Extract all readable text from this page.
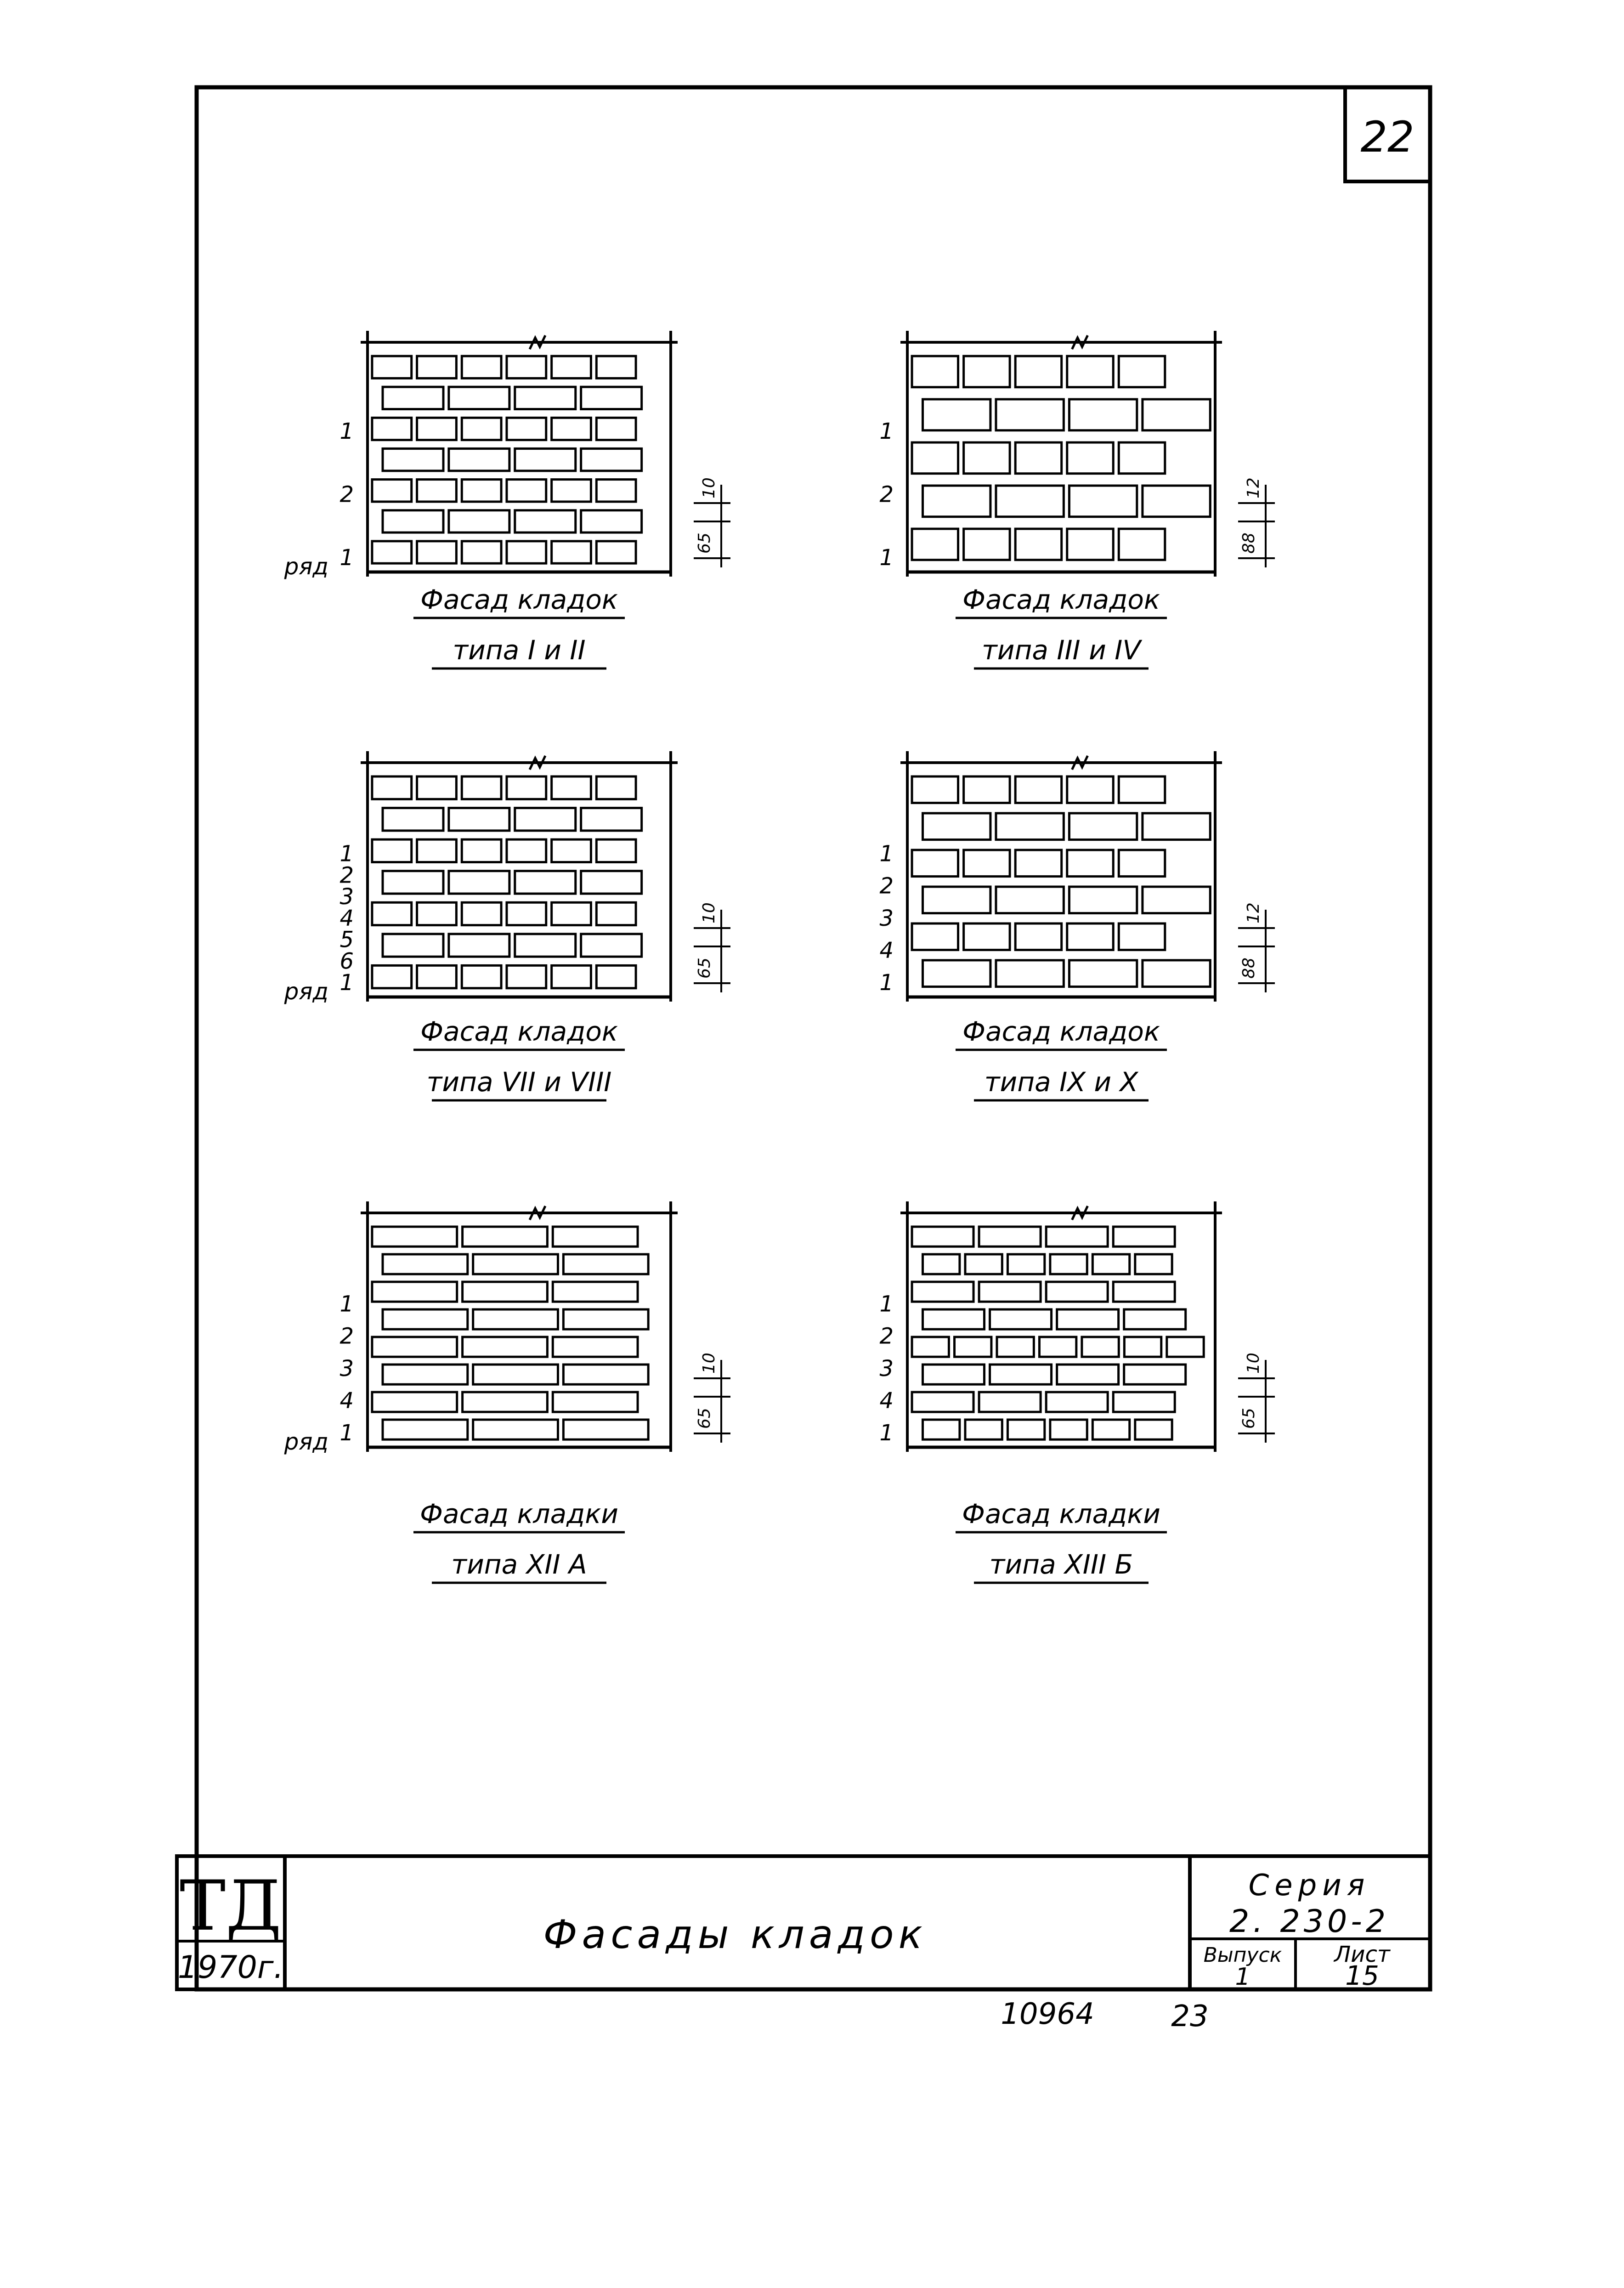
22
1
2
1
ряд
10
65
Фасад кладок
типа I и II
1
2
1
12
88
Фасад кладок
типа III и IV
1
6
5
4
3
2
1
ряд
10
65
Фасад кладок
типа VII и VIII
1
4
3
2
1
12
88
Фасад кладок
типа IX и X
1
4
3
2
1
ряд
10
65
Фасад кладки
типа XII А
1
4
3
2
1
10
65
Фасад кладки
типа XIII Б
ТД
1970г.
Фасады кладок
Серия
2. 230-2
Выпуск
1
Лист
15
10964	23
